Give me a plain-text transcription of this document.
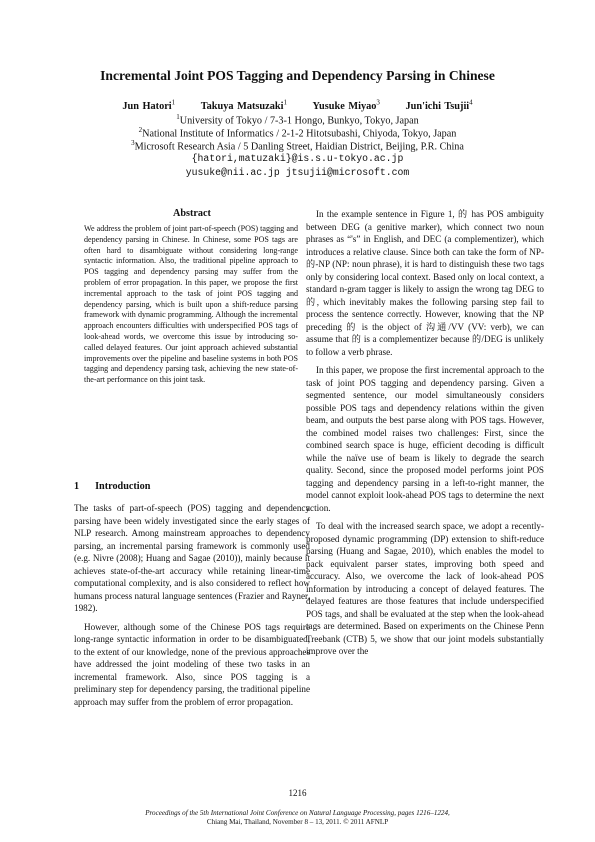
Incremental Joint POS Tagging and Dependency Parsing in Chinese
Jun Hatori$^1$ Takuya Matsuzaki$^1$ Yusuke Miyao$^3$ Jun'ichi Tsujii$^4$
$^1$University of Tokyo / 7-3-1 Hongo, Bunkyo, Tokyo, Japan
$^2$National Institute of Informatics / 2-1-2 Hitotsubashi, Chiyoda, Tokyo, Japan
$^3$Microsoft Research Asia / 5 Danling Street, Haidian District, Beijing, P.R. China
{hatori,matuzaki}@is.s.u-tokyo.ac.jp
yusuke@nii.ac.jp jtsujii@microsoft.com
Abstract
We address the problem of joint part-of-speech (POS) tagging and dependency parsing in Chinese. In Chinese, some POS tags are often hard to disambiguate without considering long-range syntactic information. Also, the traditional pipeline approach to POS tagging and dependency parsing may suffer from the problem of error propagation. In this paper, we propose the first incremental approach to the task of joint POS tagging and dependency parsing, which is built upon a shift-reduce parsing framework with dynamic programming. Although the incremental approach encounters difficulties with underspecified POS tags of look-ahead words, we overcome this issue by introducing so-called delayed features. Our joint approach achieved substantial improvements over the pipeline and baseline systems in both POS tagging and dependency parsing task, achieving the new state-of-the-art performance on this joint task.
1 Introduction

The tasks of part-of-speech (POS) tagging and dependency parsing have been widely investigated since the early stages of NLP research. Among mainstream approaches to dependency parsing, an incremental parsing framework is commonly used (e.g. Nivre (2008); Huang and Sagae (2010)), mainly because it achieves state-of-the-art accuracy while retaining linear-time computational complexity, and is also considered to reflect how humans process natural language sentences (Frazier and Rayner, 1982).

However, although some of the Chinese POS tags require long-range syntactic information in order to be disambiguated, to the extent of our knowledge, none of the previous approaches have addressed the joint modeling of these two tasks in an incremental framework. Also, since POS tagging is a preliminary step for dependency parsing, the traditional pipeline approach may suffer from the problem of error propagation.

In the example sentence in Figure 1, 的 has POS ambiguity between DEG (a genitive marker), which connect two noun phrases as “'s” in English, and DEC (a complementizer), which introduces a relative clause. Since both can take the form of NP-的-NP (NP: noun phrase), it is hard to distinguish these two tags only by considering local context. Based only on local context, a standard n-gram tagger is likely to assign the wrong tag DEG to 的, which inevitably makes the following parsing step fail to process the sentence correctly. However, knowing that the NP preceding 的 is the object of 沟通/VV (VV: verb), we can assume that 的 is a complementizer because 的/DEG is unlikely to follow a verb phrase.

In this paper, we propose the first incremental approach to the task of joint POS tagging and dependency parsing. Given a segmented sentence, our model simultaneously considers possible POS tags and dependency relations within the given beam, and outputs the best parse along with POS tags. However, the combined model raises two challenges: First, since the combined search space is huge, efficient decoding is difficult while the naïve use of beam is likely to degrade the search quality. Second, since the proposed model performs joint POS tagging and dependency parsing in a left-to-right manner, the model cannot exploit look-ahead POS tags to determine the next action.

To deal with the increased search space, we adopt a recently-proposed dynamic programming (DP) extension to shift-reduce parsing (Huang and Sagae, 2010), which enables the model to pack equivalent parser states, improving both speed and accuracy. Also, we overcome the lack of look-ahead POS information by introducing a concept of delayed features. The delayed features are those features that include underspecified POS tags, and shall be evaluated at the step when the look-ahead tags are determined. Based on experiments on the Chinese Penn Treebank (CTB) 5, we show that our joint models substantially improve over the

1216
Proceedings of the 5th International Joint Conference on Natural Language Processing, pages 1216–1224,
Chiang Mai, Thailand, November 8 – 13, 2011. © 2011 AFNLP
